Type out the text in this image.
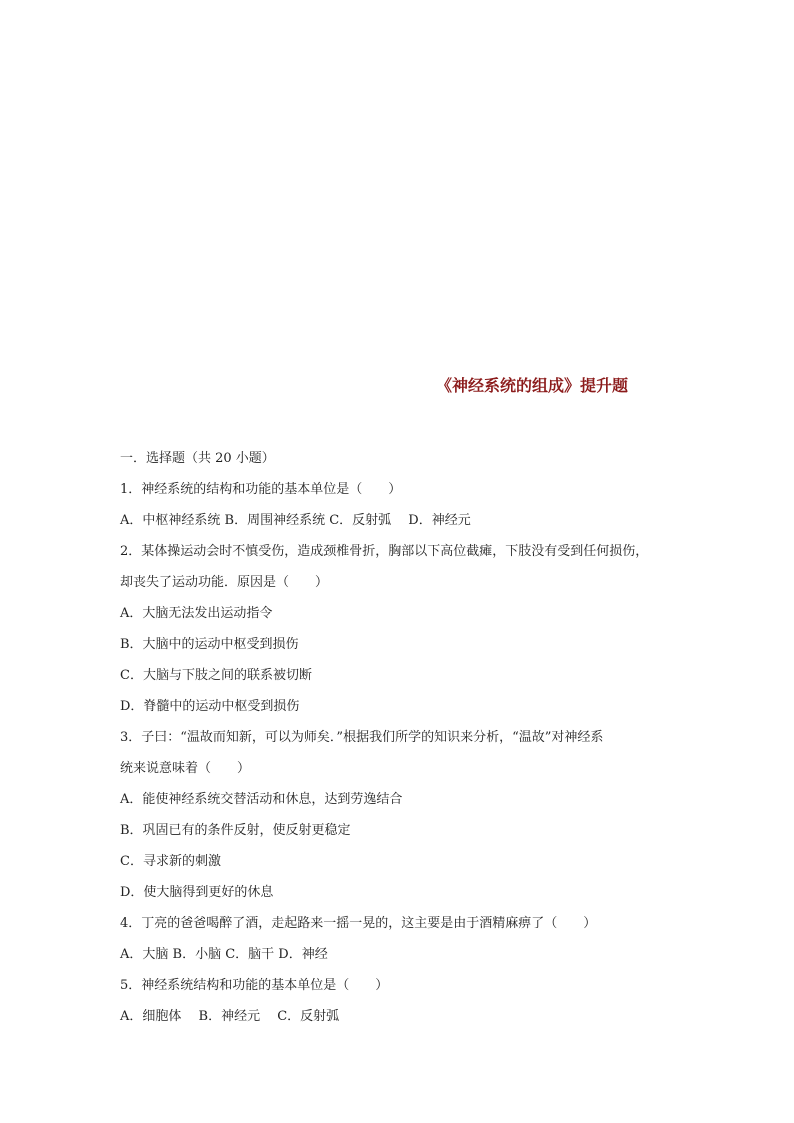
《神经系统的组成》提升题

一．选择题（共 20 小题）

1．神经系统的结构和功能的基本单位是（　　）

A．中枢神经系统 B．周围神经系统 C．反射弧　 D．神经元

2．某体操运动会时不慎受伤，造成颈椎骨折，胸部以下高位截瘫，下肢没有受到任何损伤，

却丧失了运动功能．原因是（　　）

A．大脑无法发出运动指令

B．大脑中的运动中枢受到损伤

C．大脑与下肢之间的联系被切断

D．脊髓中的运动中枢受到损伤

3．子曰：“温故而知新，可以为师矣．”根据我们所学的知识来分析，“温故”对神经系

统来说意味着（　　）

A．能使神经系统交替活动和休息，达到劳逸结合

B．巩固已有的条件反射，使反射更稳定

C．寻求新的刺激

D．使大脑得到更好的休息

4．丁亮的爸爸喝醉了酒，走起路来一摇一晃的，这主要是由于酒精麻痹了（　　）

A．大脑 B．小脑 C．脑干 D．神经

5．神经系统结构和功能的基本单位是（　　）

A．细胞体　 B．神经元　 C．反射弧
